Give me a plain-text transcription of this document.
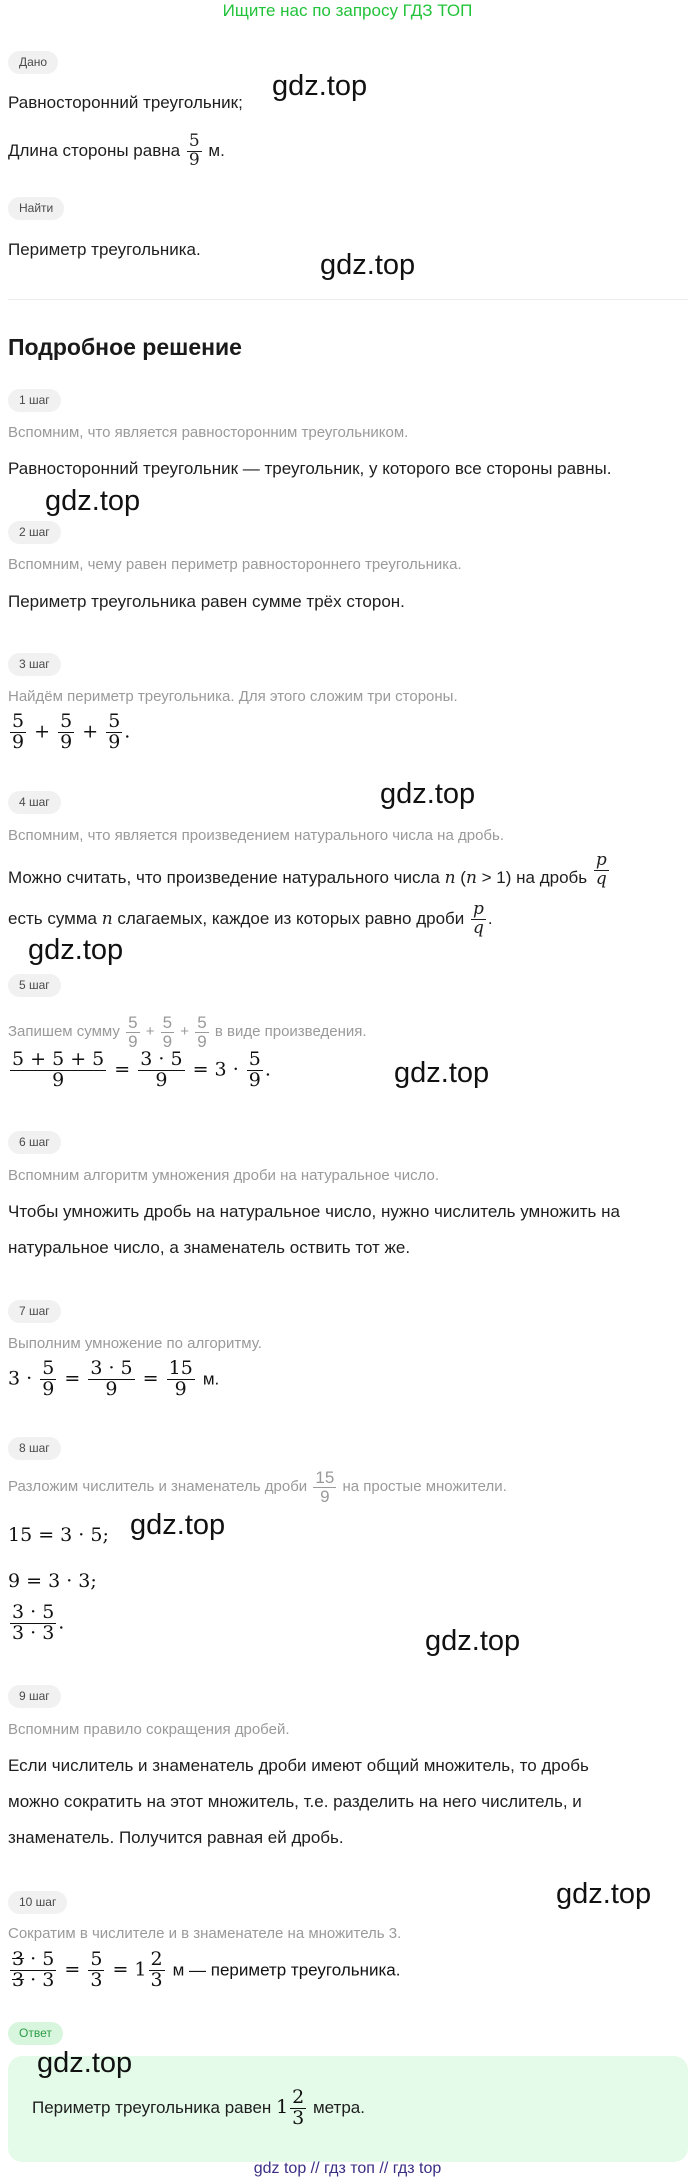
Ищите нас по запросу ГДЗ ТОП
Дано
Равносторонний треугольник;
Длина стороны равна $\frac{5}{9} м$.
gdz.top
Найти
Периметр треугольника.	gdz.top
Подробное решение
1 шаг
Вспомним, что является равносторонним треугольником.
Равносторонний треугольник — треугольник, у которого все стороны равны.
gdz.top
2 шаг
Вспомним, чему равен периметр равностороннего треугольника.
Периметр треугольника равен сумме трёх сторон.
3 шаг
Найдём периметр треугольника. Для этого сложим три стороны.
$\frac{5}{9} + \frac{5}{9} + \frac{5}{9}$ .
4 шаг	gdz.top
Вспомним, что является произведением натурального числа на дробь.
Можно считать, что произведение натурального числа n (n > 1) на дробь $\frac{p}{q}$
есть сумма n слагаемых, каждое из которых равно дроби $\frac{p}{q}$ .
gdz.top
5 шаг
Запишем сумму $\frac{5}{9} + \frac{5}{9} + \frac{5}{9}$ в виде произведения.
$\frac{5 + 5 + 5}{9} = \frac{3 \cdot 5}{9} = 3 \cdot \frac{5}{9}$ .	gdz.top
6 шаг
Вспомним алгоритм умножения дроби на натуральное число.
Чтобы умножить дробь на натуральное число, нужно числитель умножить на
натуральное число, а знаменатель оствить тот же.
7 шаг
Выполним умножение по алгоритму.
$3 \cdot \frac{5}{9} = \frac{3 \cdot 5}{9} = \frac{15}{9} м$.
8 шаг
Разложим числитель и знаменатель дроби $\frac{15}{9}$ на простые множители.
15 = 3 · 5; gdz.top
9 = 3 · 3;
$\frac{3 \cdot 5}{3 \cdot 3}$ .
gdz.top
9 шаг
Вспомним правило сокращения дробей.
Если числитель и знаменатель дроби имеют общий множитель, то дробь
можно сократить на этот множитель, т.е. разделить на него числитель, и
знаменатель. Получится равная ей дробь.
10 шаг	gdz.top
Сократим в числителе и в знаменателе на множитель 3.
$\frac{3 \cdot 5}{3 \cdot 3} = \frac{5}{3} = 1 \frac{2}{3}$ м — периметр треугольника.
Ответ
gdz.top
Периметр треугольника равен $1 \frac{2}{3}$ метра.
gdz top // гдз топ // гдз top
